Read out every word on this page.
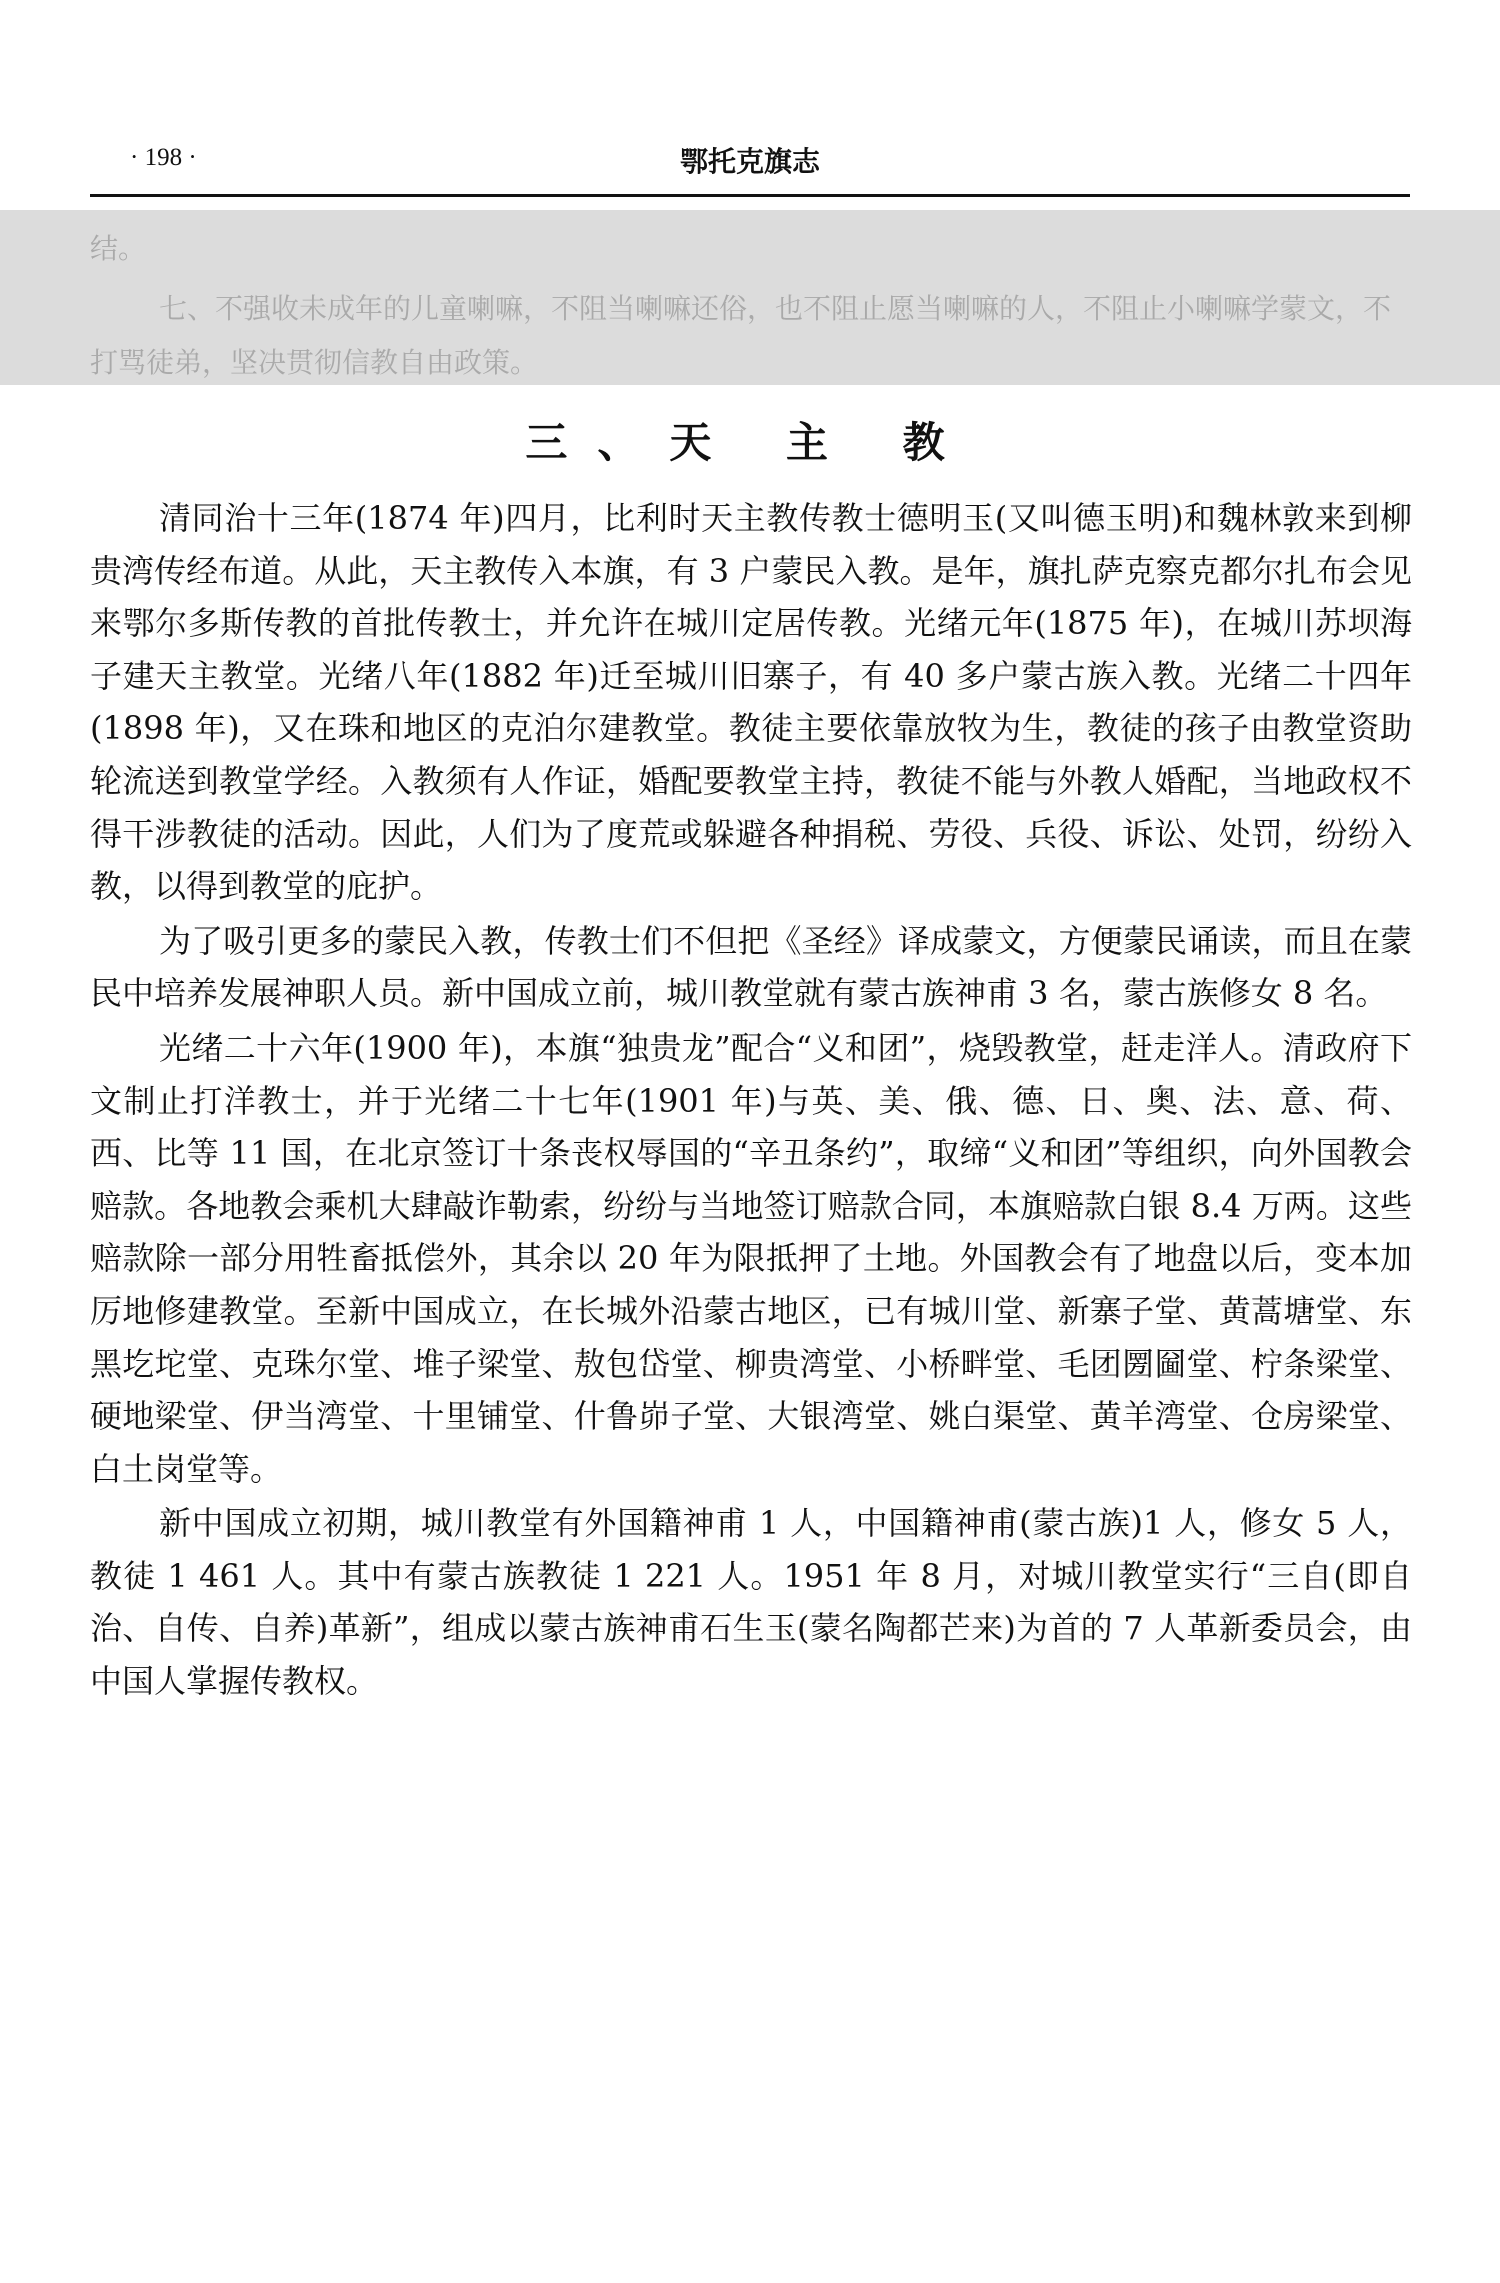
· 198 ·	鄂托克旗志

结。

七、不强收未成年的儿童喇嘛，不阻当喇嘛还俗，也不阻止愿当喇嘛的人，不阻止小喇嘛学蒙文，不打骂徒弟，坚决贯彻信教自由政策。

三、天 主 教

清同治十三年(1874 年)四月，比利时天主教传教士德明玉(又叫德玉明)和魏林敦来到柳贵湾传经布道。从此，天主教传入本旗，有 3 户蒙民入教。是年，旗扎萨克察克都尔扎布会见来鄂尔多斯传教的首批传教士，并允许在城川定居传教。光绪元年(1875 年)，在城川苏坝海子建天主教堂。光绪八年(1882 年)迁至城川旧寨子，有 40 多户蒙古族入教。光绪二十四年(1898 年)，又在珠和地区的克泊尔建教堂。教徒主要依靠放牧为生，教徒的孩子由教堂资助轮流送到教堂学经。入教须有人作证，婚配要教堂主持，教徒不能与外教人婚配，当地政权不得干涉教徒的活动。因此，人们为了度荒或躲避各种捐税、劳役、兵役、诉讼、处罚，纷纷入教，以得到教堂的庇护。

为了吸引更多的蒙民入教，传教士们不但把《圣经》译成蒙文，方便蒙民诵读，而且在蒙民中培养发展神职人员。新中国成立前，城川教堂就有蒙古族神甫 3 名，蒙古族修女 8 名。

光绪二十六年(1900 年)，本旗“独贵龙”配合“义和团”，烧毁教堂，赶走洋人。清政府下文制止打洋教士，并于光绪二十七年(1901 年)与英、美、俄、德、日、奥、法、意、荷、西、比等 11 国，在北京签订十条丧权辱国的“辛丑条约”，取缔“义和团”等组织，向外国教会赔款。各地教会乘机大肆敲诈勒索，纷纷与当地签订赔款合同，本旗赔款白银 8.4 万两。这些赔款除一部分用牲畜抵偿外，其余以 20 年为限抵押了土地。外国教会有了地盘以后，变本加厉地修建教堂。至新中国成立，在长城外沿蒙古地区，已有城川堂、新寨子堂、黄蒿塘堂、东黑圪坨堂、克珠尔堂、堆子梁堂、敖包岱堂、柳贵湾堂、小桥畔堂、毛团圐圙堂、柠条梁堂、硬地梁堂、伊当湾堂、十里铺堂、什鲁峁子堂、大银湾堂、姚白渠堂、黄羊湾堂、仓房梁堂、白土岗堂等。

新中国成立初期，城川教堂有外国籍神甫 1 人，中国籍神甫(蒙古族)1 人，修女 5 人，教徒 1 461 人。其中有蒙古族教徒 1 221 人。1951 年 8 月，对城川教堂实行“三自(即自治、自传、自养)革新”，组成以蒙古族神甫石生玉(蒙名陶都芒来)为首的 7 人革新委员会，由中国人掌握传教权。
